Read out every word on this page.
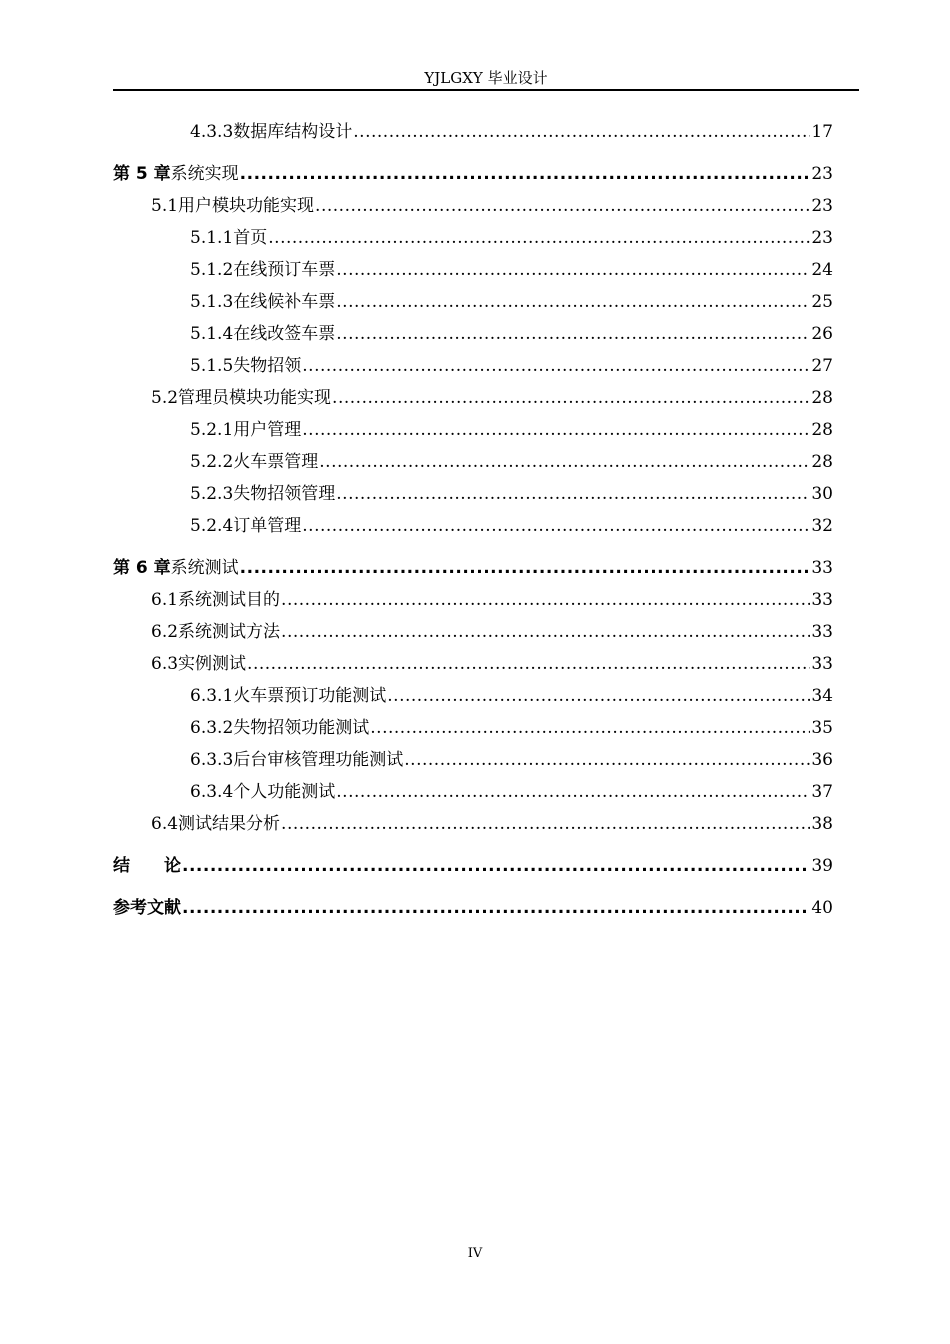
YJLGXY 毕业设计
4.3.3 数据库结构设计 .....	17
第 5 章 系统实现 .....	23
5.1 用户模块功能实现 .....	23
5.1.1 首页 .....	23
5.1.2 在线预订车票 .....	24
5.1.3 在线候补车票 .....	25
5.1.4 在线改签车票 .....	26
5.1.5 失物招领 .....	27
5.2 管理员模块功能实现 .....	28
5.2.1 用户管理 .....	28
5.2.2 火车票管理 .....	28
5.2.3 失物招领管理 .....	30
5.2.4 订单管理 .....	32
第 6 章 系统测试 .....	33
6.1 系统测试目的 .....	33
6.2 系统测试方法 .....	33
6.3 实例测试 .....	33
6.3.1 火车票预订功能测试 .....	34
6.3.2 失物招领功能测试 .....	35
6.3.3 后台审核管理功能测试 .....	36
6.3.4 个人功能测试 .....	37
6.4 测试结果分析 .....	38
结　　论 .....	39
参考文献 .....	40
IV
